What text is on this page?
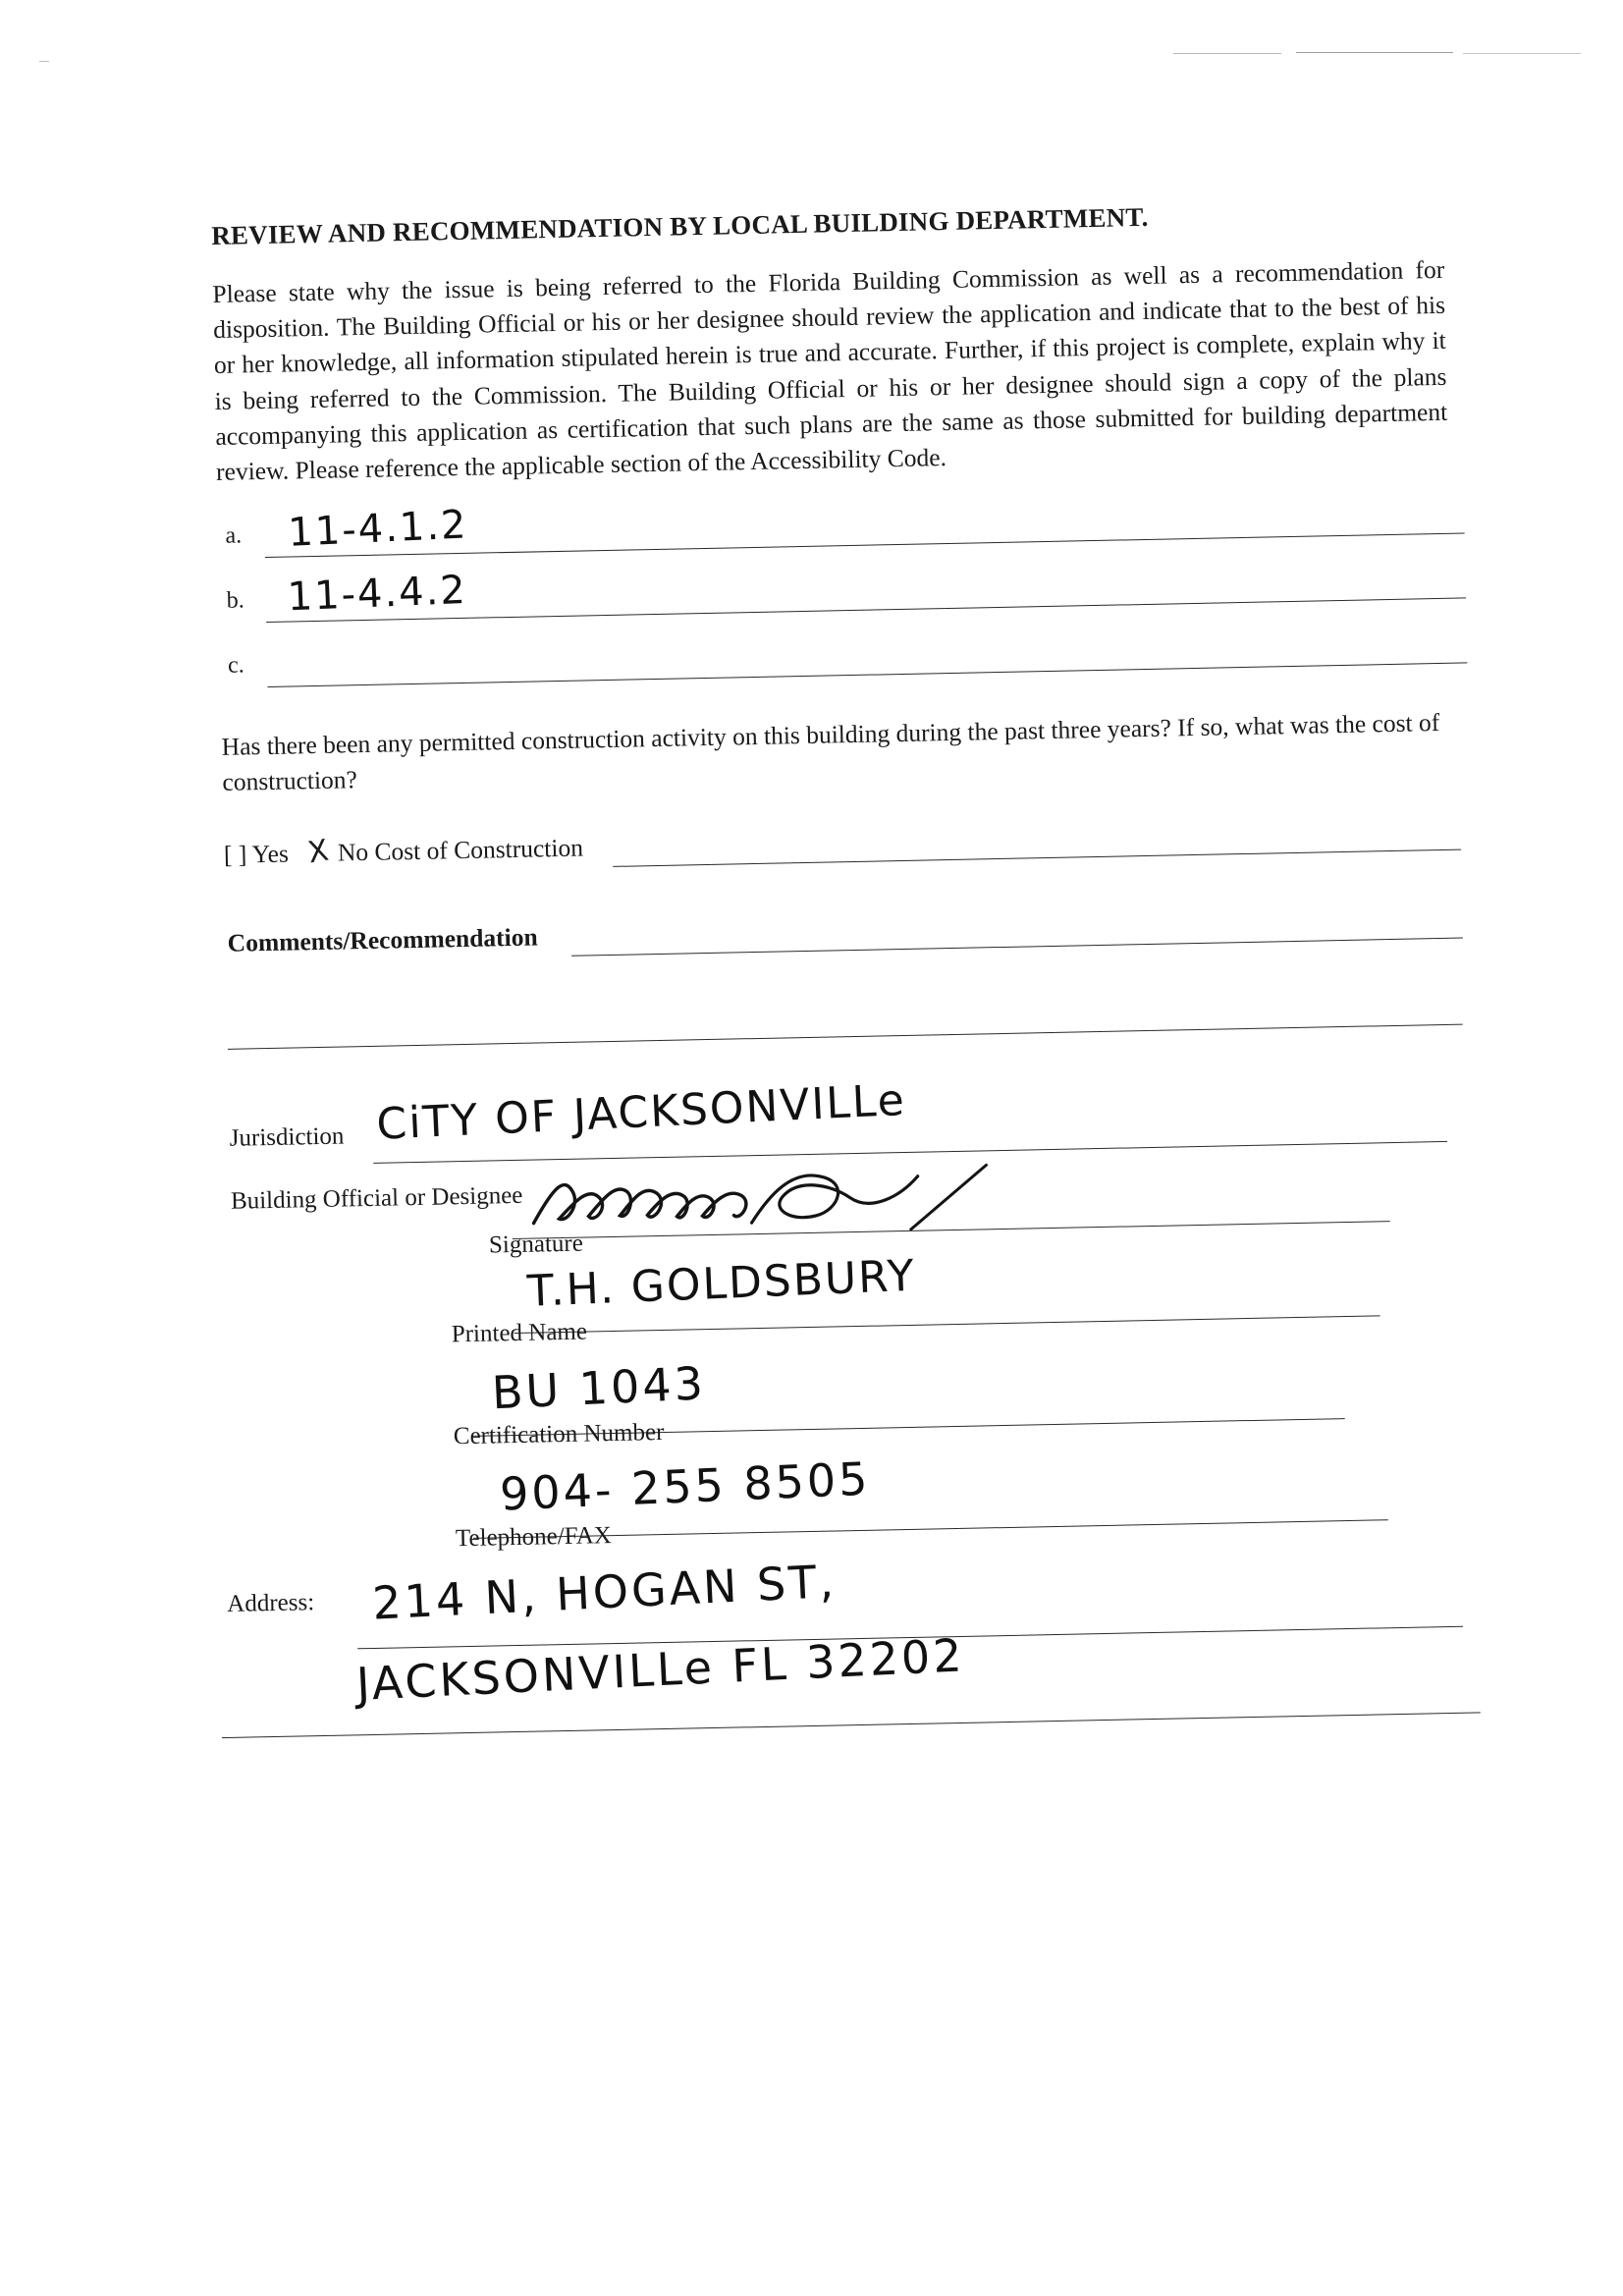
REVIEW AND RECOMMENDATION BY LOCAL BUILDING DEPARTMENT.

Please state why the issue is being referred to the Florida Building Commission as well as a recommendation for disposition. The Building Official or his or her designee should review the application and indicate that to the best of his or her knowledge, all information stipulated herein is true and accurate. Further, if this project is complete, explain why it is being referred to the Commission. The Building Official or his or her designee should sign a copy of the plans accompanying this application as certification that such plans are the same as those submitted for building department review. Please reference the applicable section of the Accessibility Code.

a. 11-4.1.2
b. 11-4.4.2
c.

Has there been any permitted construction activity on this building during the past three years? If so, what was the cost of construction?

[ ] Yes X No Cost of Construction
Comments/Recommendation
Jurisdiction CiTY OF JACKSONVILLe
Building Official or Designee
Signature
T.H. GOLDSBURY
Printed Name
BU 1043
Certification Number
904- 255 8505
Telephone/FAX
Address: 214 N, HOGAN ST,
JACKSONVILLe FL 32202
